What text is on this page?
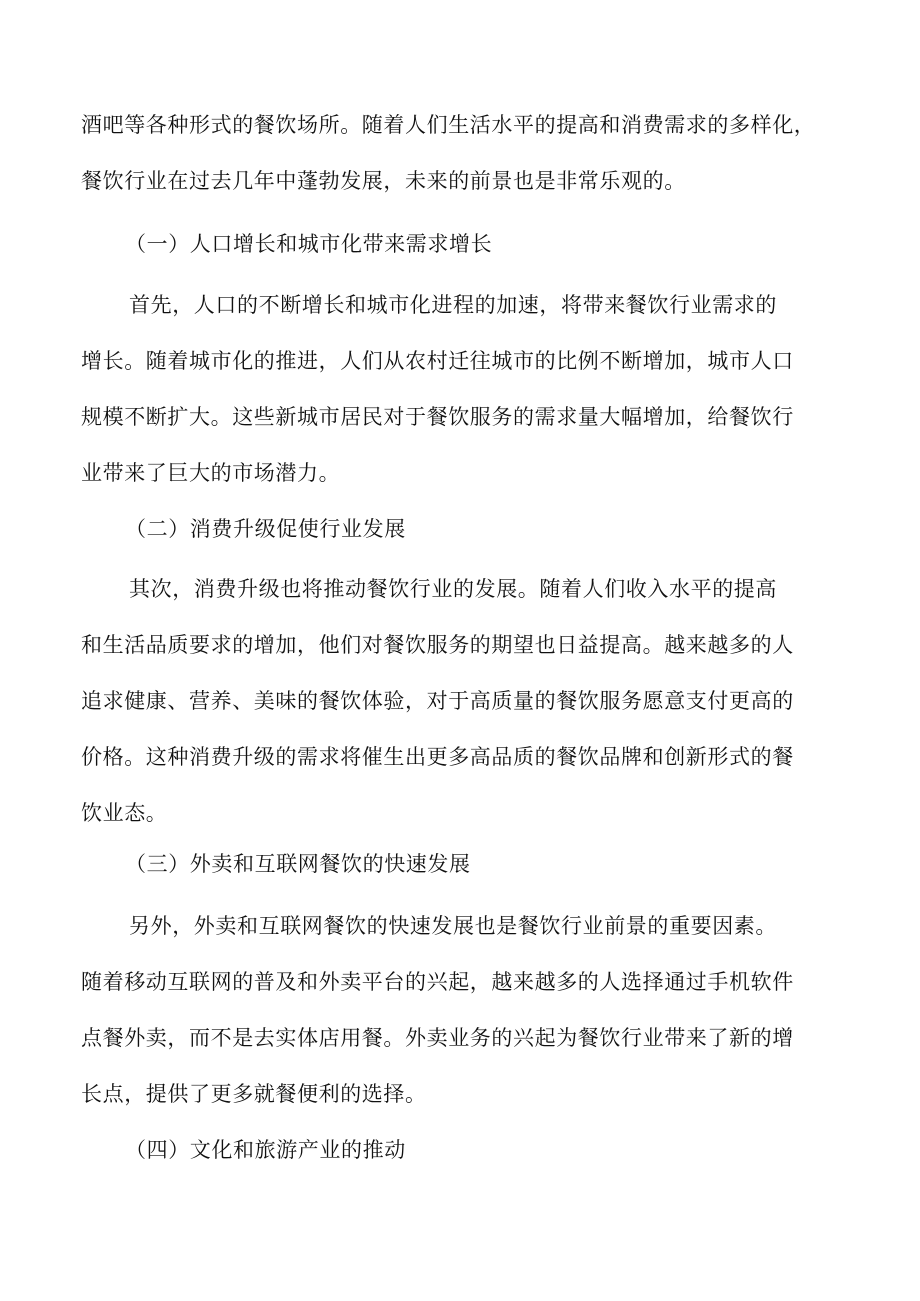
酒吧等各种形式的餐饮场所。随着人们生活水平的提高和消费需求的多样化，
餐饮行业在过去几年中蓬勃发展，未来的前景也是非常乐观的。
（一）人口增长和城市化带来需求增长
首先，人口的不断增长和城市化进程的加速，将带来餐饮行业需求的
增长。随着城市化的推进，人们从农村迁往城市的比例不断增加，城市人口
规模不断扩大。这些新城市居民对于餐饮服务的需求量大幅增加，给餐饮行
业带来了巨大的市场潜力。
（二）消费升级促使行业发展
其次，消费升级也将推动餐饮行业的发展。随着人们收入水平的提高
和生活品质要求的增加，他们对餐饮服务的期望也日益提高。越来越多的人
追求健康、营养、美味的餐饮体验，对于高质量的餐饮服务愿意支付更高的
价格。这种消费升级的需求将催生出更多高品质的餐饮品牌和创新形式的餐
饮业态。
（三）外卖和互联网餐饮的快速发展
另外，外卖和互联网餐饮的快速发展也是餐饮行业前景的重要因素。
随着移动互联网的普及和外卖平台的兴起，越来越多的人选择通过手机软件
点餐外卖，而不是去实体店用餐。外卖业务的兴起为餐饮行业带来了新的增
长点，提供了更多就餐便利的选择。
（四）文化和旅游产业的推动
